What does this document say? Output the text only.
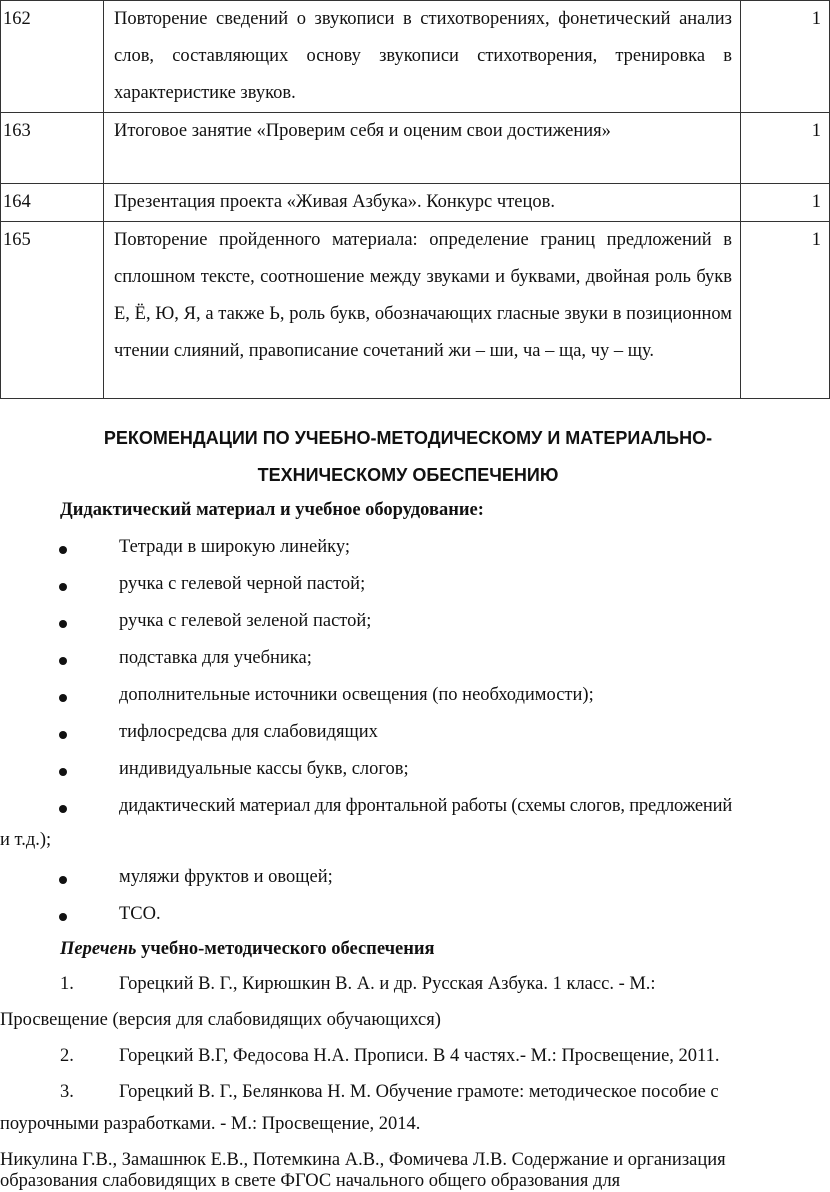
162	Повторение сведений о звукописи в стихотворениях, фонетический анализ слов, составляющих основу звукописи стихотворения, тренировка в характеристике звуков.	1
163	Итоговое занятие «Проверим себя и оценим свои достижения»	1
164	Презентация проекта «Живая Азбука». Конкурс чтецов.	1
165	Повторение пройденного материала: определение границ предложений в сплошном тексте, соотношение между звуками и буквами, двойная роль букв Е, Ё, Ю, Я, а также Ь, роль букв, обозначающих гласные звуки в позиционном чтении слияний, правописание сочетаний жи – ши, ча – ща, чу – щу.	1
РЕКОМЕНДАЦИИ ПО УЧЕБНО-МЕТОДИЧЕСКОМУ И МАТЕРИАЛЬНО-
ТЕХНИЧЕСКОМУ ОБЕСПЕЧЕНИЮ
Дидактический материал и учебное оборудование:
Тетради в широкую линейку;
ручка с гелевой черной пастой;
ручка с гелевой зеленой пастой;
подставка для учебника;
дополнительные источники освещения (по необходимости);
тифлосредсва для слабовидящих
индивидуальные кассы букв, слогов;
дидактический материал для фронтальной работы (схемы слогов, предложений
и т.д.);
муляжи фруктов и овощей;
ТСО.
Перечень учебно-методического обеспечения
1. Горецкий В. Г., Кирюшкин В. А. и др. Русская Азбука. 1 класс. - М.:
Просвещение (версия для слабовидящих обучающихся)
2. Горецкий В.Г, Федосова Н.А. Прописи. В 4 частях.- М.: Просвещение, 2011.
3. Горецкий В. Г., Белянкова Н. М. Обучение грамоте: методическое пособие с
поурочными разработками. - М.: Просвещение, 2014.
Никулина Г.В., Замашнюк Е.В., Потемкина А.В., Фомичева Л.В. Содержание и организация
образования слабовидящих в свете ФГОС начального общего образования для
